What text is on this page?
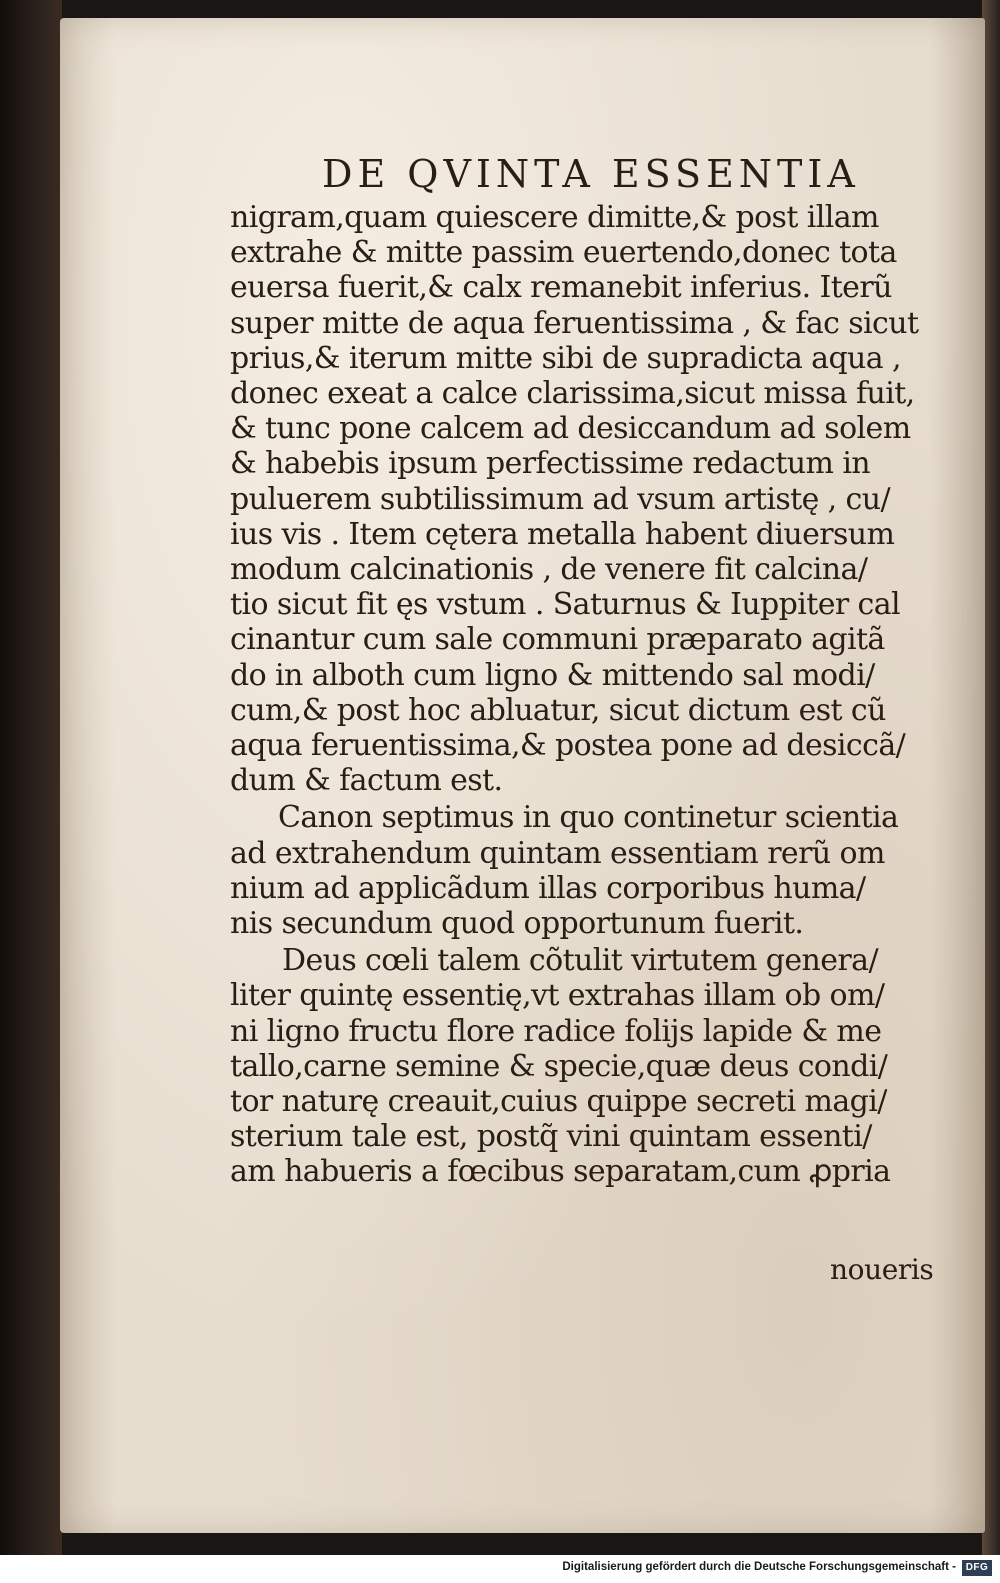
DE QVINTA ESSENTIA
nigram,quam quiescere dimitte,& post illam
extrahe & mitte passim euertendo,donec tota
euersa fuerit,& calx remanebit inferius. Iterũ
super mitte de aqua feruentissima , & fac sicut
prius,& iterum mitte sibi de supradicta aqua ,
donec exeat a calce clarissima,sicut missa fuit,
& tunc pone calcem ad desiccandum ad solem
& habebis ipsum perfectissime redactum in
puluerem subtilissimum ad vsum artistę , cu/
ius vis . Item cętera metalla habent diuersum
modum calcinationis , de venere fit calcina/
tio sicut fit ęs vstum . Saturnus & Iuppiter cal
cinantur cum sale communi præparato agitã
do in alboth cum ligno & mittendo sal modi/
cum,& post hoc abluatur, sicut dictum est cũ
aqua feruentissima,& postea pone ad desiccã/
dum & factum est.
Canon septimus in quo continetur scientia
ad extrahendum quintam essentiam rerũ om
nium ad applicãdum illas corporibus huma/
nis secundum quod opportunum fuerit.
Deus cœli talem cõtulit virtutem genera/
liter quintę essentię,vt extrahas illam ob om/
ni ligno fructu flore radice folijs lapide & me
tallo,carne semine & specie,quæ deus condi/
tor naturę creauit,cuius quippe secreti magi/
sterium tale est, postq̃ vini quintam essenti/
am habueris a fœcibus separatam,cum ꝓpria
noueris
Digitalisierung gefördert durch die Deutsche Forschungsgemeinschaft - DFG
